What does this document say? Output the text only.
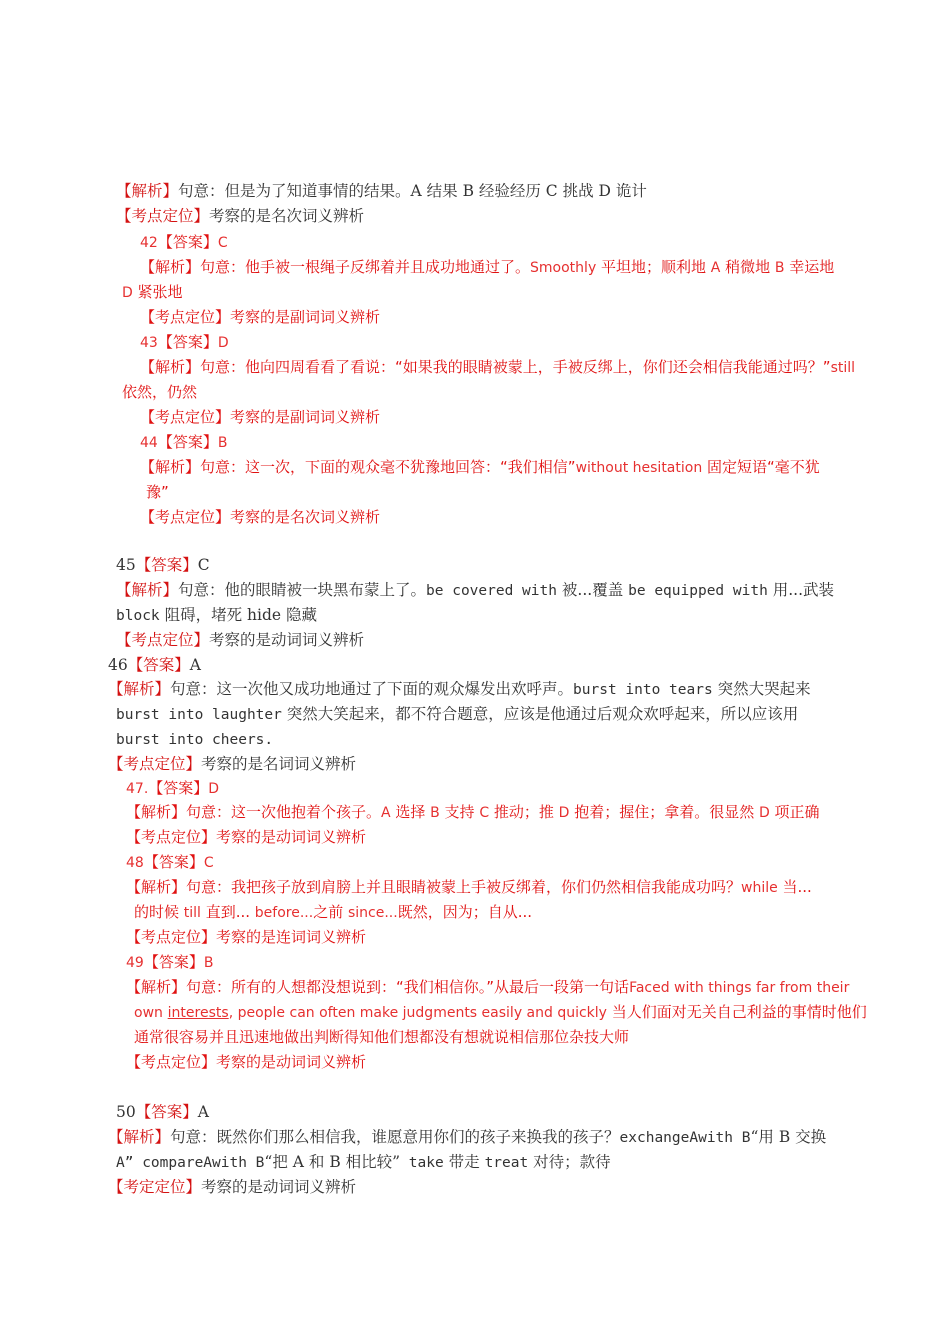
【解析】句意：但是为了知道事情的结果。A 结果 B 经验经历 C 挑战 D 诡计
【考点定位】考察的是名次词义辨析
42【答案】C
【解析】句意：他手被一根绳子反绑着并且成功地通过了。Smoothly 平坦地；顺利地 A 稍微地 B 幸运地
D 紧张地
【考点定位】考察的是副词词义辨析
43【答案】D
【解析】句意：他向四周看看了看说：“如果我的眼睛被蒙上，手被反绑上，你们还会相信我能通过吗？”still
依然，仍然
【考点定位】考察的是副词词义辨析
44【答案】B
【解析】句意：这一次，下面的观众毫不犹豫地回答：“我们相信”without hesitation 固定短语“毫不犹
豫”
【考点定位】考察的是名次词义辨析
45【答案】C
【解析】句意：他的眼睛被一块黑布蒙上了。be covered with 被...覆盖 be equipped with 用...武装
block 阻碍，堵死 hide 隐藏
【考点定位】考察的是动词词义辨析
46【答案】A
【解析】句意：这一次他又成功地通过了下面的观众爆发出欢呼声。burst into tears 突然大哭起来
burst into laughter 突然大笑起来，都不符合题意，应该是他通过后观众欢呼起来，所以应该用
burst into cheers.
【考点定位】考察的是名词词义辨析
47.【答案】D
【解析】句意：这一次他抱着个孩子。A 选择 B 支持 C 推动；推 D 抱着；握住；拿着。很显然 D 项正确
【考点定位】考察的是动词词义辨析
48【答案】C
【解析】句意：我把孩子放到肩膀上并且眼睛被蒙上手被反绑着，你们仍然相信我能成功吗？while 当...
的时候 till 直到... before...之前 since...既然，因为；自从...
【考点定位】考察的是连词词义辨析
49【答案】B
【解析】句意：所有的人想都没想说到：“我们相信你。”从最后一段第一句话Faced with things far from their
own interests, people can often make judgments easily and quickly 当人们面对无关自己利益的事情时他们
通常很容易并且迅速地做出判断得知他们想都没有想就说相信那位杂技大师
【考点定位】考察的是动词词义辨析
50【答案】A
【解析】句意：既然你们那么相信我，谁愿意用你们的孩子来换我的孩子？exchangeAwith B“用 B 交换
A” compareAwith B“把 A 和 B 相比较” take 带走 treat 对待；款待
【考定定位】考察的是动词词义辨析
